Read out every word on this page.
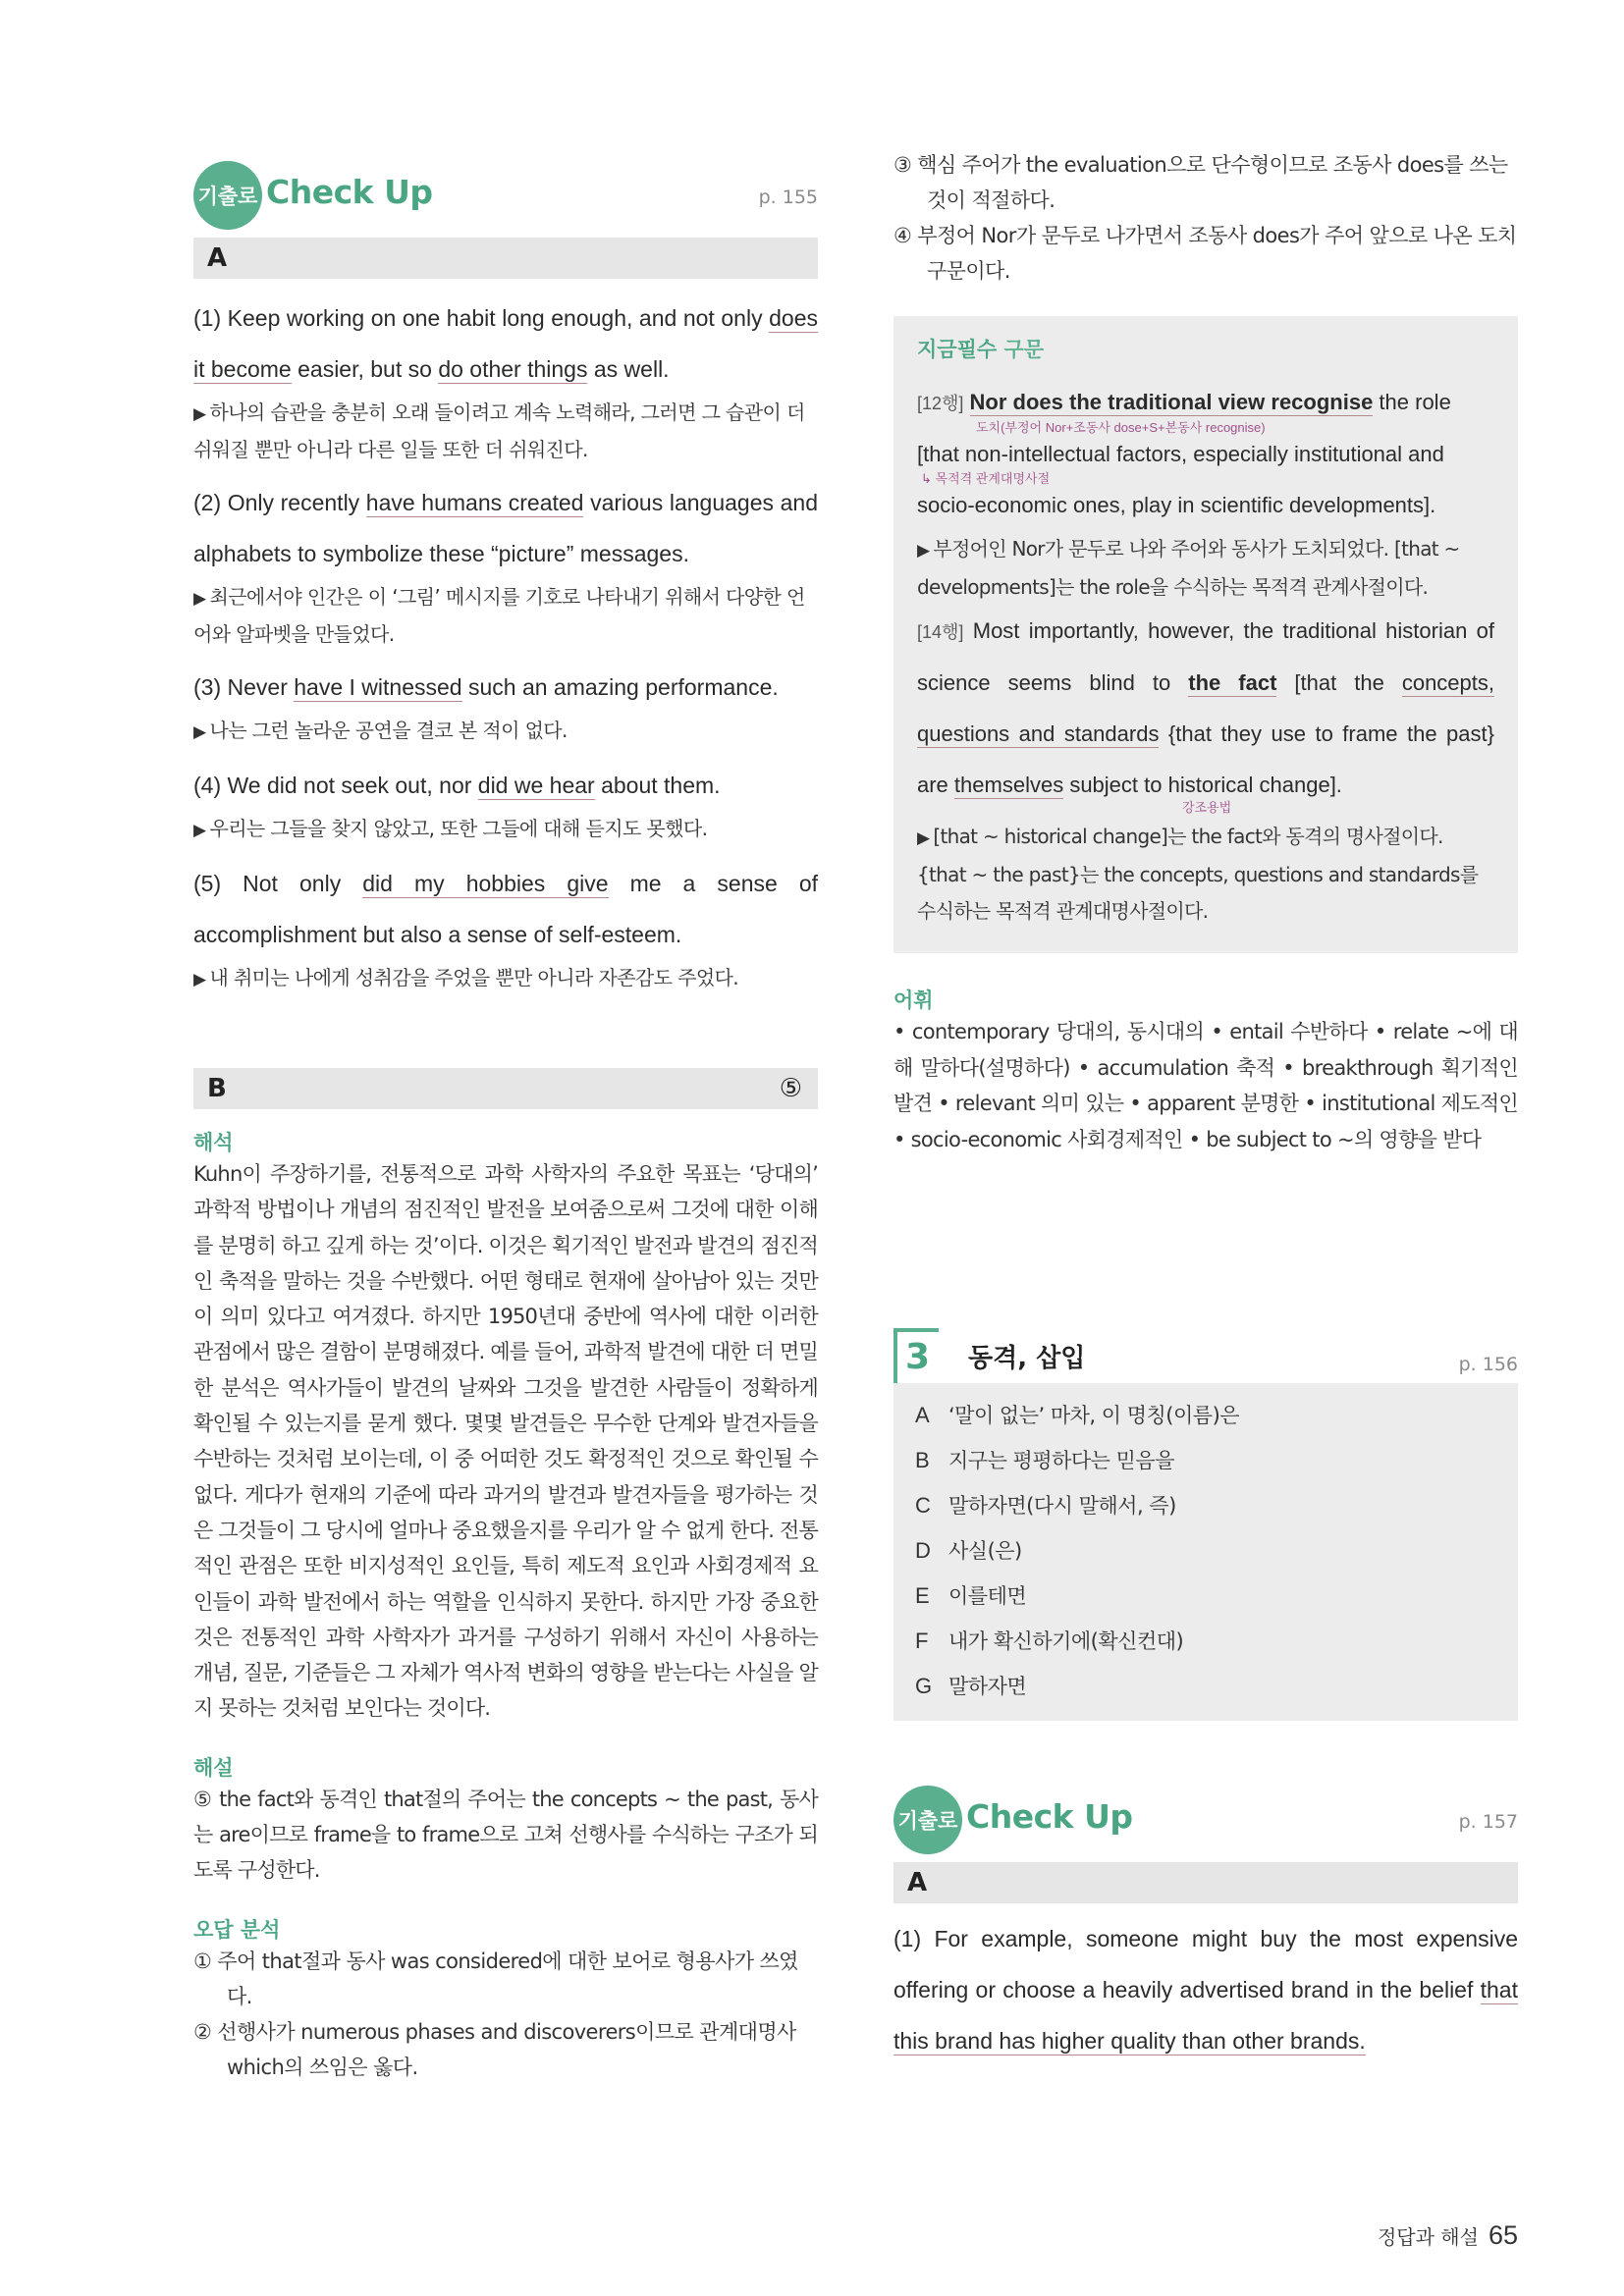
기출로 Check Up	p. 155
A
(1) Keep working on one habit long enough, and not only does it become easier, but so do other things as well.
▶ 하나의 습관을 충분히 오래 들이려고 계속 노력해라, 그러면 그 습관이 더 쉬워질 뿐만 아니라 다른 일들 또한 더 쉬워진다.
(2) Only recently have humans created various languages and alphabets to symbolize these “picture” messages.
▶ 최근에서야 인간은 이 ‘그림’ 메시지를 기호로 나타내기 위해서 다양한 언어와 알파벳을 만들었다.
(3) Never have I witnessed such an amazing performance.
▶ 나는 그런 놀라운 공연을 결코 본 적이 없다.
(4) We did not seek out, nor did we hear about them.
▶ 우리는 그들을 찾지 않았고, 또한 그들에 대해 듣지도 못했다.
(5) Not only did my hobbies give me a sense of accomplishment but also a sense of self-esteem.
▶ 내 취미는 나에게 성취감을 주었을 뿐만 아니라 자존감도 주었다.
B	⑤
해석
Kuhn이 주장하기를, 전통적으로 과학 사학자의 주요한 목표는 ‘당대의’ 과학적 방법이나 개념의 점진적인 발전을 보여줌으로써 그것에 대한 이해를 분명히 하고 깊게 하는 것’이다. 이것은 획기적인 발전과 발견의 점진적인 축적을 말하는 것을 수반했다. 어떤 형태로 현재에 살아남아 있는 것만이 의미 있다고 여겨졌다. 하지만 1950년대 중반에 역사에 대한 이러한 관점에서 많은 결함이 분명해졌다. 예를 들어, 과학적 발견에 대한 더 면밀한 분석은 역사가들이 발견의 날짜와 그것을 발견한 사람들이 정확하게 확인될 수 있는지를 묻게 했다. 몇몇 발견들은 무수한 단계와 발견자들을 수반하는 것처럼 보이는데, 이 중 어떠한 것도 확정적인 것으로 확인될 수 없다. 게다가 현재의 기준에 따라 과거의 발견과 발견자들을 평가하는 것은 그것들이 그 당시에 얼마나 중요했을지를 우리가 알 수 없게 한다. 전통적인 관점은 또한 비지성적인 요인들, 특히 제도적 요인과 사회경제적 요인들이 과학 발전에서 하는 역할을 인식하지 못한다. 하지만 가장 중요한 것은 전통적인 과학 사학자가 과거를 구성하기 위해서 자신이 사용하는 개념, 질문, 기준들은 그 자체가 역사적 변화의 영향을 받는다는 사실을 알지 못하는 것처럼 보인다는 것이다.
해설
⑤ the fact와 동격인 that절의 주어는 the concepts ~ the past, 동사는 are이므로 frame을 to frame으로 고쳐 선행사를 수식하는 구조가 되도록 구성한다.
오답 분석
① 주어 that절과 동사 was considered에 대한 보어로 형용사가 쓰였다.
② 선행사가 numerous phases and discoverers이므로 관계대명사 which의 쓰임은 옳다.
③ 핵심 주어가 the evaluation으로 단수형이므로 조동사 does를 쓰는 것이 적절하다.
④ 부정어 Nor가 문두로 나가면서 조동사 does가 주어 앞으로 나온 도치구문이다.
지금필수 구문
[12행] Nor does the traditional view recognise the role
도치(부정어 Nor+조동사 dose+S+본동사 recognise)
[that non-intellectual factors, especially institutional and
↳ 목적격 관계대명사절
socio-economic ones, play in scientific developments].
▶ 부정어인 Nor가 문두로 나와 주어와 동사가 도치되었다. [that ~ developments]는 the role을 수식하는 목적격 관계사절이다.
[14행] Most importantly, however, the traditional historian of science seems blind to the fact [that the concepts, questions and standards {that they use to frame the past} are themselves subject to historical change].
강조용법
▶ [that ~ historical change]는 the fact와 동격의 명사절이다. {that ~ the past}는 the concepts, questions and standards를 수식하는 목적격 관계대명사절이다.
어휘
• contemporary 당대의, 동시대의 • entail 수반하다 • relate ~에 대해 말하다(설명하다) • accumulation 축적 • breakthrough 획기적인 발견 • relevant 의미 있는 • apparent 분명한 • institutional 제도적인 • socio-economic 사회경제적인 • be subject to ~의 영향을 받다
3	동격, 삽입	p. 156
A ‘말이 없는’ 마차, 이 명칭(이름)은
B 지구는 평평하다는 믿음을
C 말하자면(다시 말해서, 즉)
D 사실(은)
E 이를테면
F 내가 확신하기에(확신컨대)
G 말하자면
기출로 Check Up	p. 157
A
(1) For example, someone might buy the most expensive offering or choose a heavily advertised brand in the belief that this brand has higher quality than other brands.
정답과 해설 65
